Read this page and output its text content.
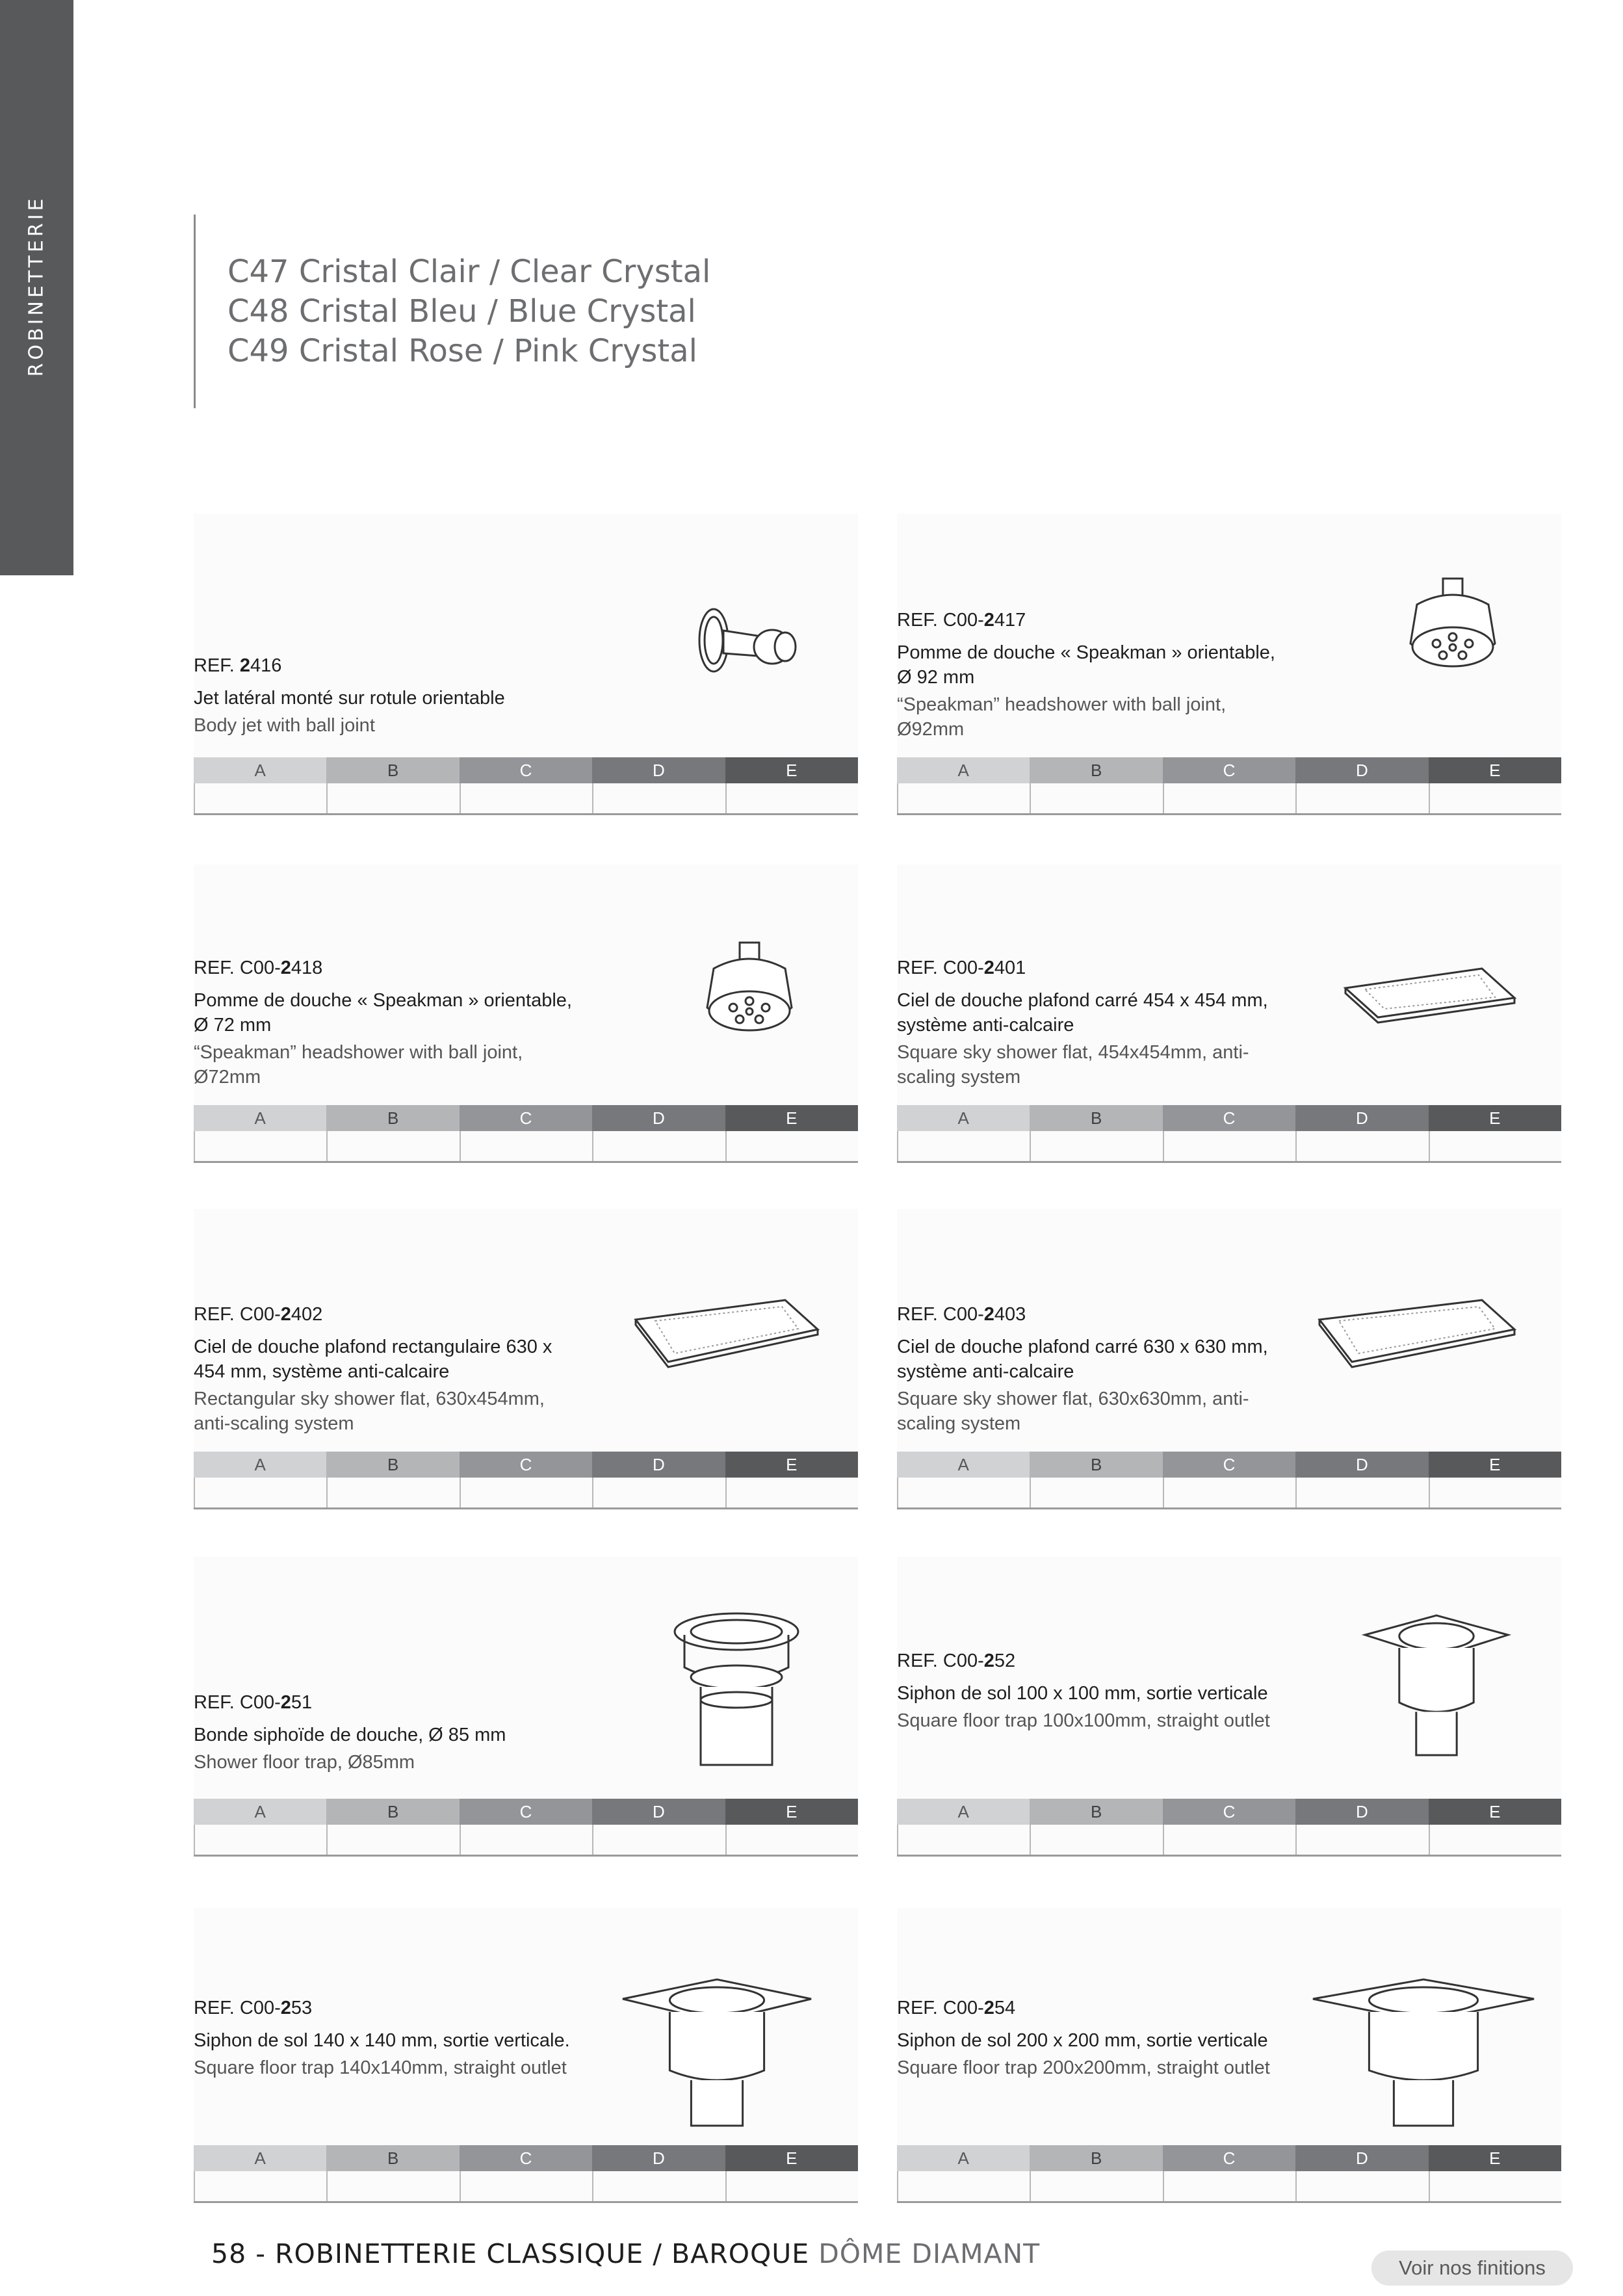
ROBINETTERIE	C47 Cristal Clair / Clear Crystal
C48 Cristal Bleu / Blue Crystal
C49 Cristal Rose / Pink Crystal
REF. 2416
Jet latéral monté sur rotule orientable
Body jet with ball joint
A	B	C	D	E
REF. C00-2417
Pomme de douche « Speakman » orientable, Ø 92 mm
“Speakman” headshower with ball joint, Ø92mm
A	B	C	D	E
REF. C00-2418
Pomme de douche « Speakman » orientable, Ø 72 mm
“Speakman” headshower with ball joint, Ø72mm
A	B	C	D	E
REF. C00-2401
Ciel de douche plafond carré 454 x 454 mm, système anti-calcaire
Square sky shower flat, 454x454mm, anti-scaling system
A	B	C	D	E
REF. C00-2402
Ciel de douche plafond rectangulaire 630 x 454 mm, système anti-calcaire
Rectangular sky shower flat, 630x454mm, anti-scaling system
A	B	C	D	E
REF. C00-2403
Ciel de douche plafond carré 630 x 630 mm, système anti-calcaire
Square sky shower flat, 630x630mm, anti-scaling system
A	B	C	D	E
REF. C00-251
Bonde siphoïde de douche, Ø 85 mm
Shower floor trap, Ø85mm
A	B	C	D	E
REF. C00-252
Siphon de sol 100 x 100 mm, sortie verticale
Square floor trap 100x100mm, straight outlet
A	B	C	D	E
REF. C00-253
Siphon de sol 140 x 140 mm, sortie verticale.
Square floor trap 140x140mm, straight outlet
A	B	C	D	E
REF. C00-254
Siphon de sol 200 x 200 mm, sortie verticale
Square floor trap 200x200mm, straight outlet
A	B	C	D	E
58 - ROBINETTERIE CLASSIQUE / BAROQUE DÔME DIAMANT	Voir nos finitions
